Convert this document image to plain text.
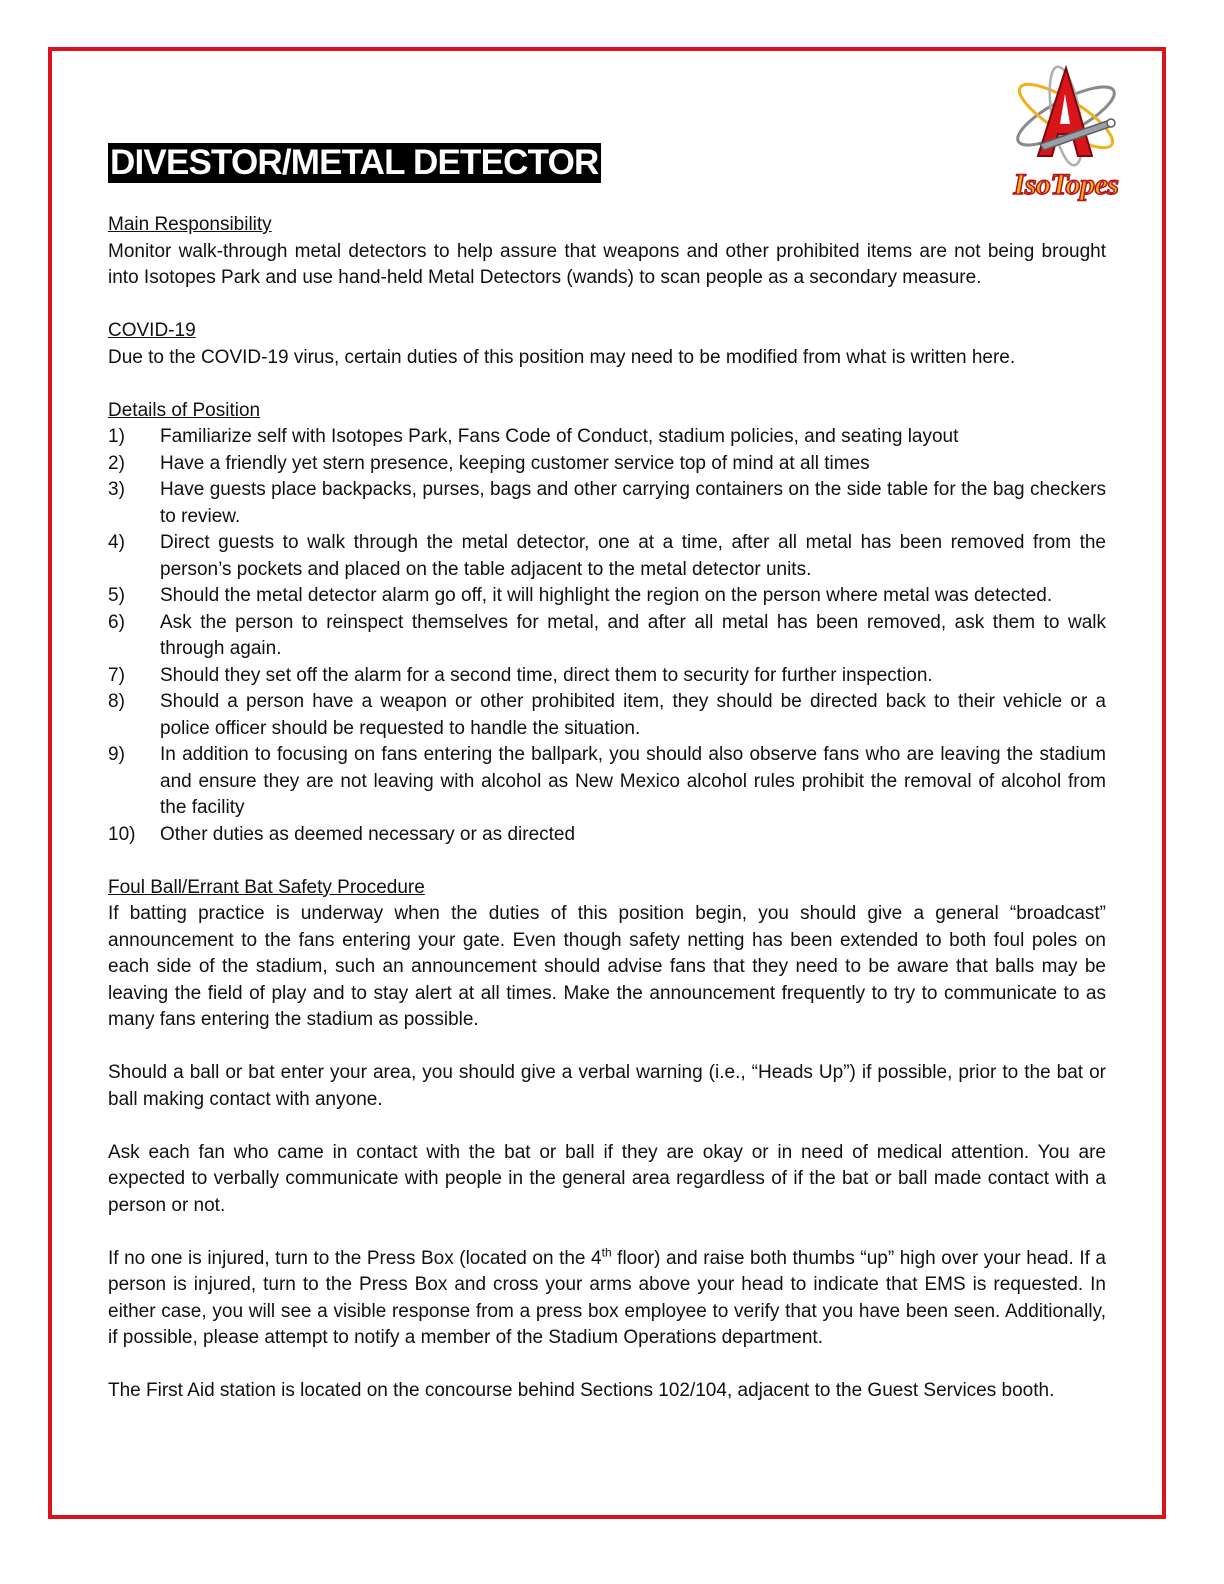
IsoTopes
DIVESTOR/METAL DETECTOR
Main Responsibility

Monitor walk-through metal detectors to help assure that weapons and other prohibited items are not being brought into Isotopes Park and use hand-held Metal Detectors (wands) to scan people as a secondary measure.

COVID-19

Due to the COVID-19 virus, certain duties of this position may need to be modified from what is written here.

Details of Position
1)	Familiarize self with Isotopes Park, Fans Code of Conduct, stadium policies, and seating layout
2)	Have a friendly yet stern presence, keeping customer service top of mind at all times
3)	Have guests place backpacks, purses, bags and other carrying containers on the side table for the bag checkers to review.
4)	Direct guests to walk through the metal detector, one at a time, after all metal has been removed from the person’s pockets and placed on the table adjacent to the metal detector units.
5)	Should the metal detector alarm go off, it will highlight the region on the person where metal was detected.
6)	Ask the person to reinspect themselves for metal, and after all metal has been removed, ask them to walk through again.
7)	Should they set off the alarm for a second time, direct them to security for further inspection.
8)	Should a person have a weapon or other prohibited item, they should be directed back to their vehicle or a police officer should be requested to handle the situation.
9)	In addition to focusing on fans entering the ballpark, you should also observe fans who are leaving the stadium and ensure they are not leaving with alcohol as New Mexico alcohol rules prohibit the removal of alcohol from the facility
10)	Other duties as deemed necessary or as directed
Foul Ball/Errant Bat Safety Procedure

If batting practice is underway when the duties of this position begin, you should give a general “broadcast” announcement to the fans entering your gate. Even though safety netting has been extended to both foul poles on each side of the stadium, such an announcement should advise fans that they need to be aware that balls may be leaving the field of play and to stay alert at all times. Make the announcement frequently to try to communicate to as many fans entering the stadium as possible.

Should a ball or bat enter your area, you should give a verbal warning (i.e., “Heads Up”) if possible, prior to the bat or ball making contact with anyone.

Ask each fan who came in contact with the bat or ball if they are okay or in need of medical attention. You are expected to verbally communicate with people in the general area regardless of if the bat or ball made contact with a person or not.

If no one is injured, turn to the Press Box (located on the 4th floor) and raise both thumbs “up” high over your head. If a person is injured, turn to the Press Box and cross your arms above your head to indicate that EMS is requested. In either case, you will see a visible response from a press box employee to verify that you have been seen. Additionally, if possible, please attempt to notify a member of the Stadium Operations department.

The First Aid station is located on the concourse behind Sections 102/104, adjacent to the Guest Services booth.
